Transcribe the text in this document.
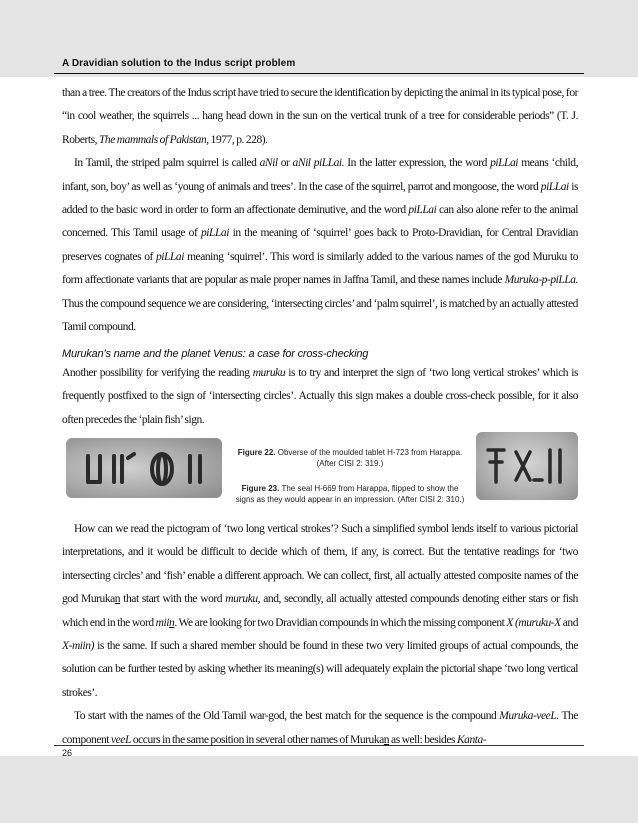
A Dravidian solution to the Indus script problem

than a tree. The creators of the Indus script have tried to secure the identification by depicting the animal in its typical pose, for “in cool weather, the squirrels ... hang head down in the sun on the vertical trunk of a tree for considerable periods” (T. J. Roberts, The mammals of Pakistan, 1977, p. 228).

In Tamil, the striped palm squirrel is called aNil or aNil piLLai. In the latter expression, the word piLLai means ‘child, infant, son, boy’ as well as ‘young of animals and trees’. In the case of the squirrel, parrot and mongoose, the word piLLai is added to the basic word in order to form an affectionate deminutive, and the word piLLai can also alone refer to the animal concerned. This Tamil usage of piLLai in the meaning of ‘squirrel’ goes back to Proto-Dravidian, for Central Dravidian preserves cognates of piLLai meaning ‘squirrel’. This word is similarly added to the various names of the god Muruku to form affectionate variants that are popular as male proper names in Jaffna Tamil, and these names include Muruka-p-piLLa. Thus the compound sequence we are considering, ‘intersecting circles’ and ‘palm squirrel’, is matched by an actually attested Tamil compound.

Murukan’s name and the planet Venus: a case for cross-checking

Another possibility for verifying the reading muruku is to try and interpret the sign of ‘two long vertical strokes’ which is frequently postfixed to the sign of ‘intersecting circles’. Actually this sign makes a double cross-check possible, for it also often precedes the ‘plain fish’ sign.

Figure 22. Obverse of the moulded tablet H-723 from Harappa. (After CISI 2: 319.)
Figure 23. The seal H-669 from Harappa, flipped to show the signs as they would appear in an impression. (After CISI 2: 310.)

How can we read the pictogram of ‘two long vertical strokes’? Such a simplified symbol lends itself to various pictorial interpretations, and it would be difficult to decide which of them, if any, is correct. But the tentative readings for ‘two intersecting circles’ and ‘fish’ enable a different approach. We can collect, first, all actually attested composite names of the god Murukan that start with the word muruku, and, secondly, all actually attested compounds denoting either stars or fish which end in the word miin. We are looking for two Dravidian compounds in which the missing component X (muruku-X and X-miin) is the same. If such a shared member should be found in these two very limited groups of actual compounds, the solution can be further tested by asking whether its meaning(s) will adequately explain the pictorial shape ‘two long vertical strokes’.

To start with the names of the Old Tamil war-god, the best match for the sequence is the compound Muruka-veeL. The component veeL occurs in the same position in several other names of Murukan as well: besides Kanta-

26
